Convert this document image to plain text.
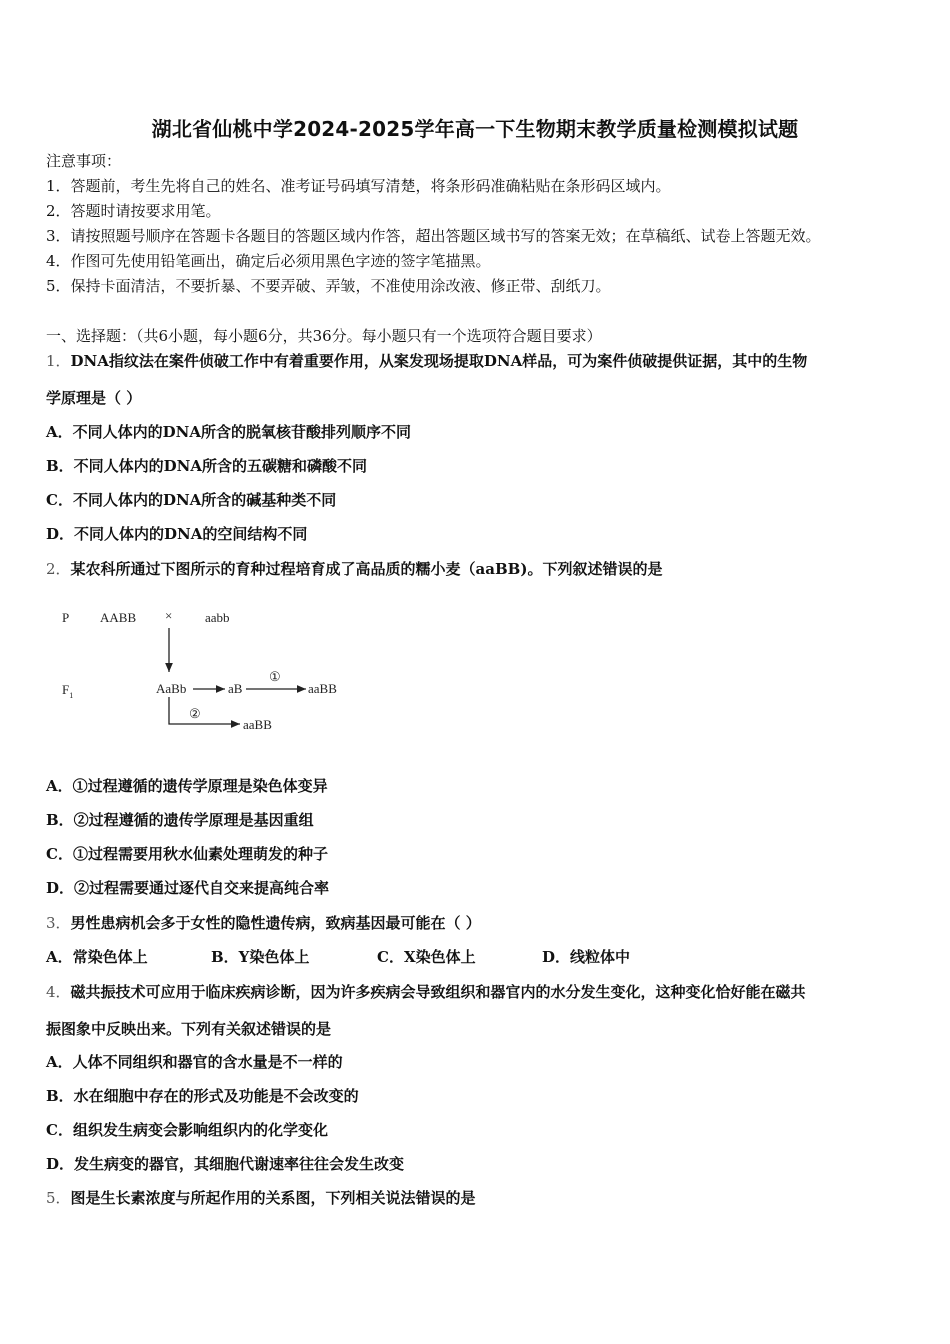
湖北省仙桃中学2024-2025学年高一下生物期末教学质量检测模拟试题
注意事项：
1．答题前，考生先将自己的姓名、准考证号码填写清楚，将条形码准确粘贴在条形码区域内。
2．答题时请按要求用笔。
3．请按照题号顺序在答题卡各题目的答题区域内作答，超出答题区域书写的答案无效；在草稿纸、试卷上答题无效。
4．作图可先使用铅笔画出，确定后必须用黑色字迹的签字笔描黑。
5．保持卡面清洁，不要折暴、不要弄破、弄皱，不准使用涂改液、修正带、刮纸刀。
一、选择题：（共6小题，每小题6分，共36分。每小题只有一个选项符合题目要求）
1．DNA指纹法在案件侦破工作中有着重要作用，从案发现场提取DNA样品，可为案件侦破提供证据，其中的生物
学原理是（ ）
A．不同人体内的DNA所含的脱氧核苷酸排列顺序不同
B．不同人体内的DNA所含的五碳糖和磷酸不同
C．不同人体内的DNA所含的碱基种类不同
D．不同人体内的DNA的空间结构不同
2．某农科所通过下图所示的育种过程培育成了高品质的糯小麦（aaBB)。下列叙述错误的是
P AABB ×	aabb
$F_1$	AaBb	aB
①
aaBB
②
aaBB
A．①过程遵循的遗传学原理是染色体变异
B．②过程遵循的遗传学原理是基因重组
C．①过程需要用秋水仙素处理萌发的种子
D．②过程需要通过逐代自交来提高纯合率
3．男性患病机会多于女性的隐性遗传病，致病基因最可能在（ ）
A．常染色体上	B．Y染色体上	C．X染色体上	D．线粒体中
4．磁共振技术可应用于临床疾病诊断，因为许多疾病会导致组织和器官内的水分发生变化，这种变化恰好能在磁共
振图象中反映出来。下列有关叙述错误的是
A．人体不同组织和器官的含水量是不一样的
B．水在细胞中存在的形式及功能是不会改变的
C．组织发生病变会影响组织内的化学变化
D．发生病变的器官，其细胞代谢速率往往会发生改变
5．图是生长素浓度与所起作用的关系图，下列相关说法错误的是
